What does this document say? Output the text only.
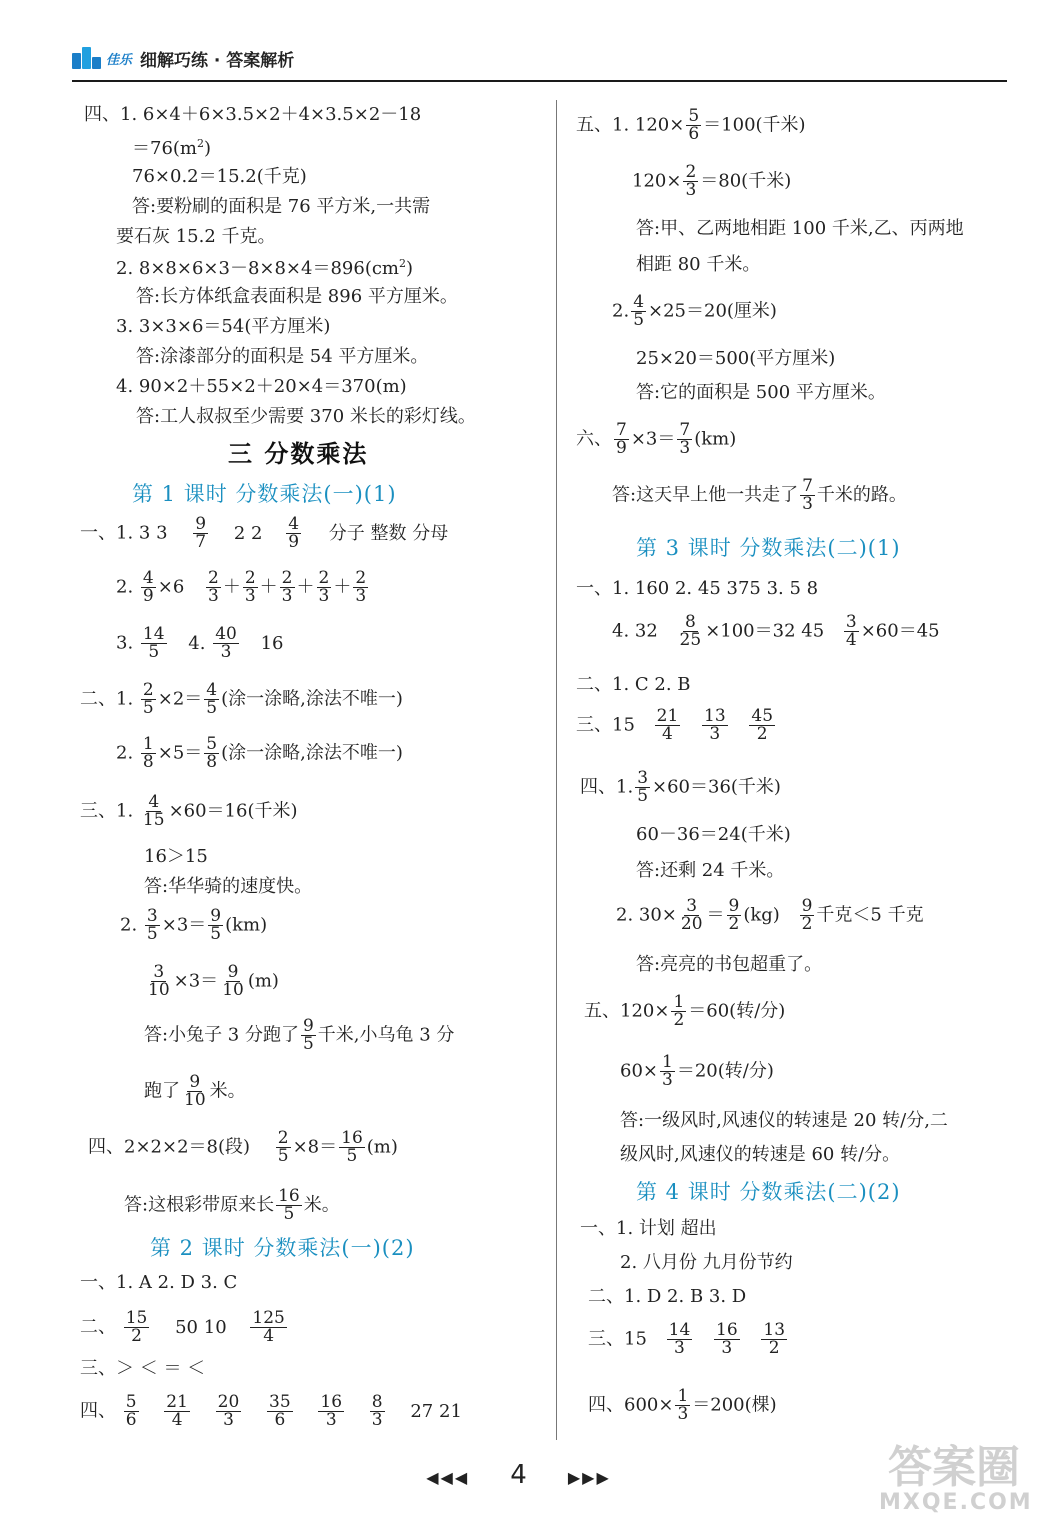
佳乐 细解巧练 · 答案解析
四、1. 6×4＋6×3.5×2＋4×3.5×2－18
$=76(m^2)$
76×0.2＝15.2(千克)
答:要粉刷的面积是 76 平方米,一共需
要石灰 15.2 千克。
2. $8\times 8\times 6\times 3-8\times 8\times 4=896(cm^2)$
答:长方体纸盒表面积是 896 平方厘米。
3. 3×3×6＝54(平方厘米)
答:涂漆部分的面积是 54 平方厘米。
4. 90×2＋55×2＋20×4＝370(m)
答:工人叔叔至少需要 370 米长的彩灯线。
三 分数乘法
第 1 课时 分数乘法(一)(1)
一、1. 3 $3 \frac{9}{7} 2$ $2 \frac{4}{9}$ 分子 整数 分母
2. $\frac{4}{9} \times 6 \frac{2}{3} + \frac{2}{3} + \frac{2}{3} + \frac{2}{3} + \frac{2}{3}$
3. $\frac{14}{5} 4$. $\frac{40}{3} 16$
二、1. $\frac{2}{5} \times 2= \frac{4}{5}$ (涂一涂略,涂法不唯一)
2. $\frac{1}{8} \times 5= \frac{5}{8}$ (涂一涂略,涂法不唯一)
三、1. $\frac{4}{15} \times 60=16$(千米)
16＞15
答:华华骑的速度快。
2. $\frac{3}{5} \times 3= \frac{9}{5} (km)$
$\frac{3}{10} \times 3= \frac{9}{10} (m)$
答:小兔子 3 分跑了 $\frac{9}{5}$ 千米,小乌龟 3 分
跑了 $\frac{9}{10}$ 米。
四、2×2×2＝8(段) $\frac{2}{5} \times 8= \frac{16}{5} (m)$
答:这根彩带原来长 $\frac{16}{5}$ 米。
第 2 课时 分数乘法(一)(2)
一、1. A 2. D 3. C
二、 $\frac{15}{2} 50$ $10 \frac{125}{4}$
三、＞ ＜ ＝ ＜
四、 $\frac{5}{6}$
$\frac{21}{4}$
$\frac{20}{3}$
$\frac{35}{6}$
$\frac{16}{3}$
$\frac{8}{3} 27$ 21
五、1. $120\times \frac{5}{6} =100$(千米)
$120\times \frac{2}{3} =80$(千米)
答:甲、乙两地相距 100 千米,乙、丙两地
相距 80 千米。
2. $\frac{4}{5} \times 25=20$(厘米)
25×20＝500(平方厘米)
答:它的面积是 500 平方厘米。
六、 $\frac{7}{9} \times 3= \frac{7}{3} (km)$
答:这天早上他一共走了 $\frac{7}{3}$ 千米的路。
第 3 课时 分数乘法(二)(1)
一、1. 160 2. 45 375 3. 5 8
4. $32 \frac{8}{25} \times 100=32$ $45 \frac{3}{4} \times 60=45$
二、1. C 2. B
三、$15 \frac{21}{4}$
$\frac{13}{3}$
$\frac{45}{2}$
四、1. $\frac{3}{5} \times 60=36$(千米)
60－36＝24(千米)
答:还剩 24 千米。
2. $30\times \frac{3}{20} = \frac{9}{2} (kg) \frac{9}{2}$ 千克＜5 千克
答:亮亮的书包超重了。
五、$120\times \frac{1}{2} =60$(转/分)
$60\times \frac{1}{3} =20$(转/分)
答:一级风时,风速仪的转速是 20 转/分,二
级风时,风速仪的转速是 60 转/分。
第 4 课时 分数乘法(二)(2)
一、1. 计划 超出
2. 八月份 九月份节约
二、1. D 2. B 3. D
三、$15 \frac{14}{3}$
$\frac{16}{3}$
$\frac{13}{2}$
四、$600\times \frac{1}{3} =200$(棵)
◀◀◀ 4	▶▶▶	答案圈
MXQE.COM
